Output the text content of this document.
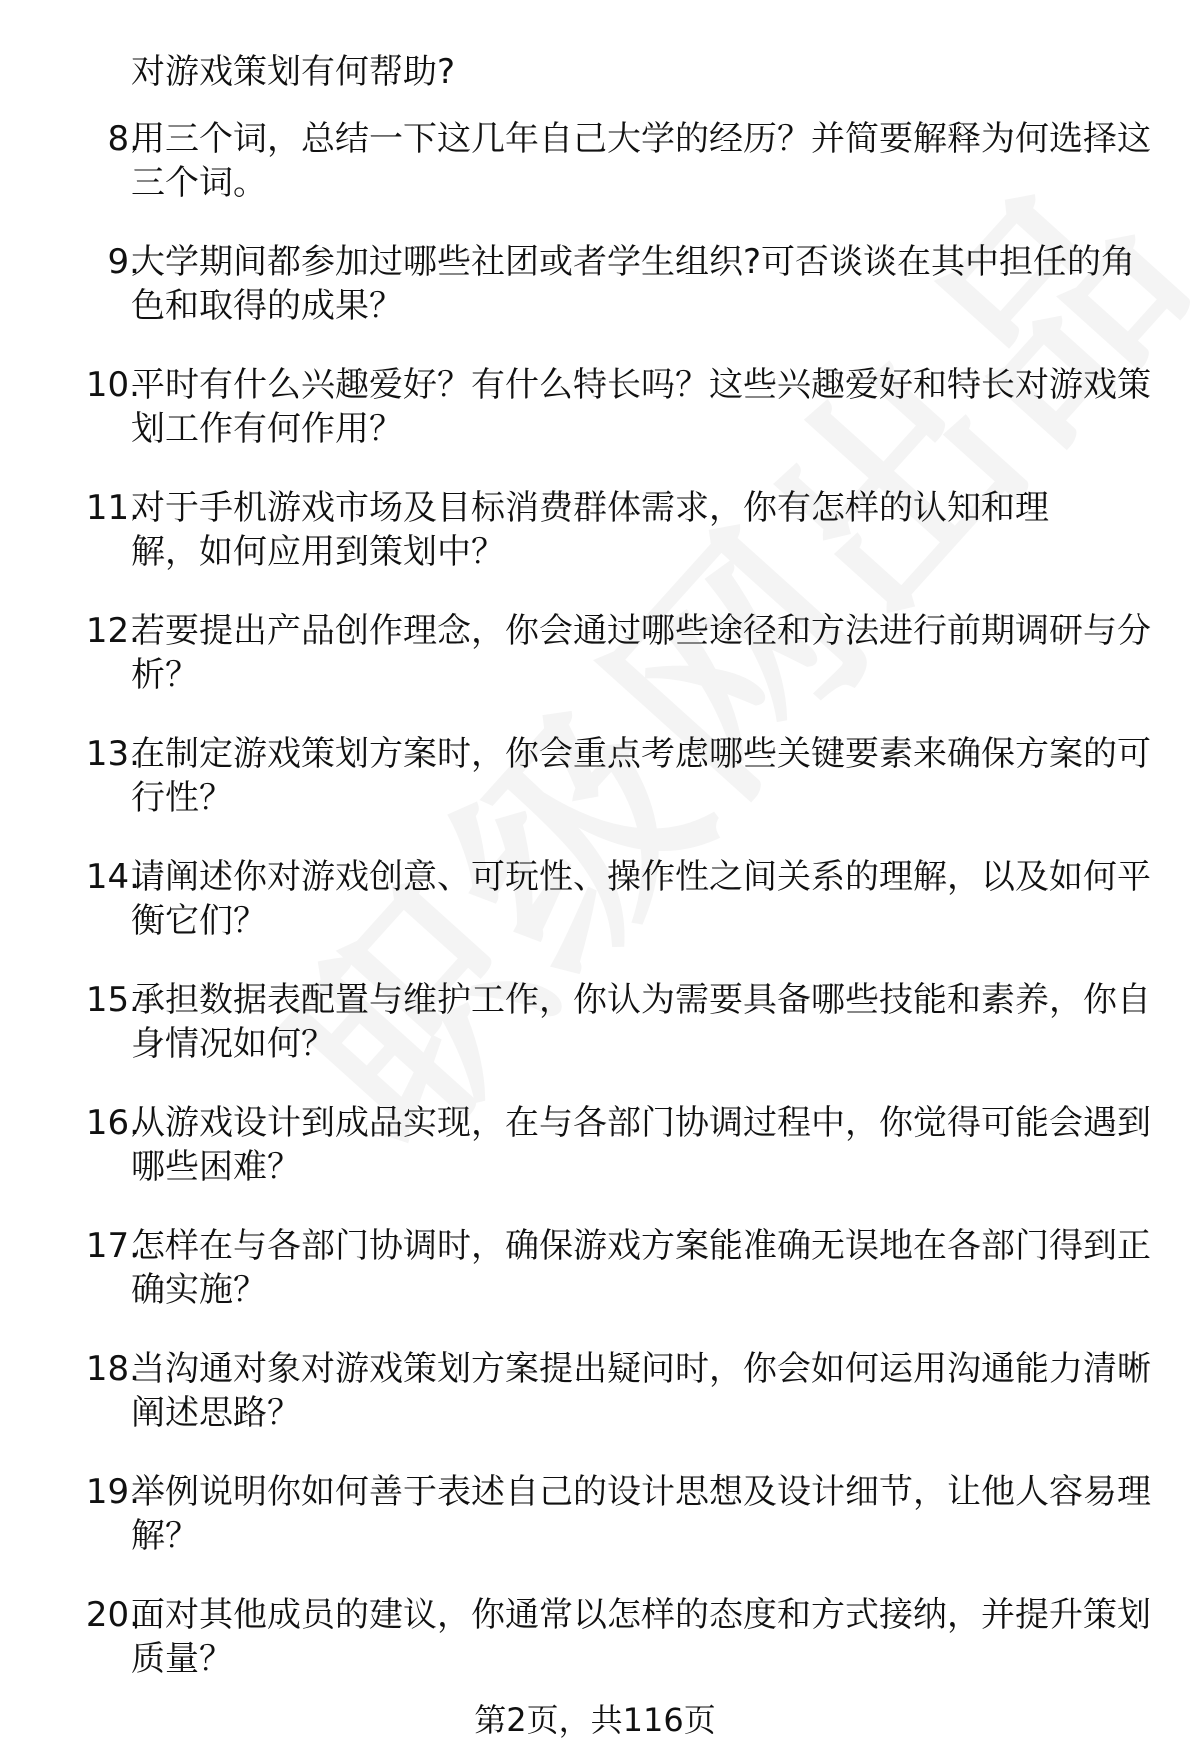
对游戏策划有何帮助?
8.
用三个词，总结一下这几年自己大学的经历？并简要解释为何选择这三个词。
9.
大学期间都参加过哪些社团或者学生组织?可否谈谈在其中担任的角色和取得的成果？
10.
平时有什么兴趣爱好？有什么特长吗？这些兴趣爱好和特长对游戏策划工作有何作用？
11.
对于手机游戏市场及目标消费群体需求，你有怎样的认知和理解，如何应用到策划中？
12.
若要提出产品创作理念，你会通过哪些途径和方法进行前期调研与分析？
13.
在制定游戏策划方案时，你会重点考虑哪些关键要素来确保方案的可行性？
14.
请阐述你对游戏创意、可玩性、操作性之间关系的理解，以及如何平衡它们？
15.
承担数据表配置与维护工作，你认为需要具备哪些技能和素养，你自身情况如何？
16.
从游戏设计到成品实现，在与各部门协调过程中，你觉得可能会遇到哪些困难？
17.
怎样在与各部门协调时，确保游戏方案能准确无误地在各部门得到正确实施？
18.
当沟通对象对游戏策划方案提出疑问时，你会如何运用沟通能力清晰阐述思路？
19.
举例说明你如何善于表述自己的设计思想及设计细节，让他人容易理解？
20.
面对其他成员的建议，你通常以怎样的态度和方式接纳，并提升策划质量？
第2页，共116页
